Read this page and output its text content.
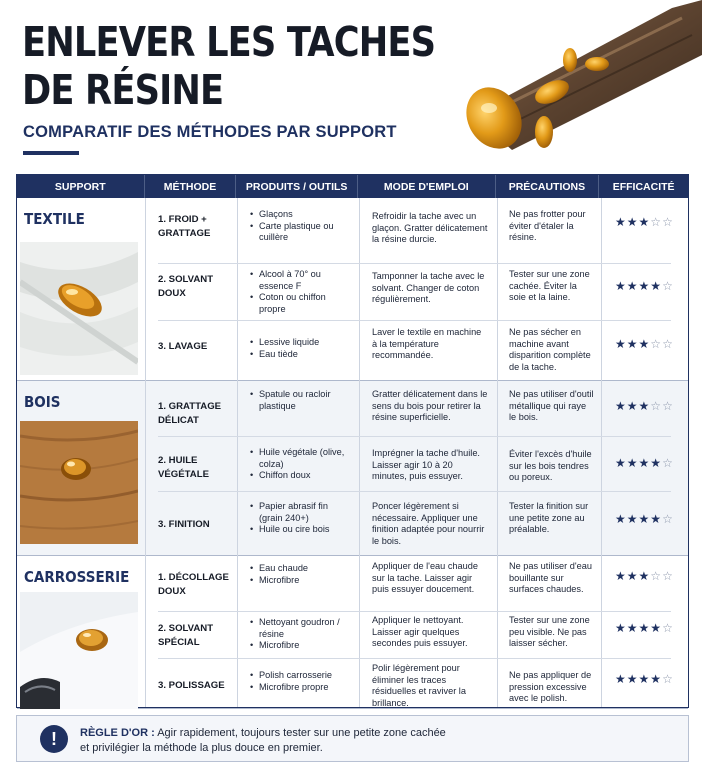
ENLEVER LES TACHES
DE RÉSINE
COMPARATIF DES MÉTHODES PAR SUPPORT
SUPPORT	MÉTHODE	PRODUITS / OUTILS	MODE D'EMPLOI	PRÉCAUTIONS	EFFICACITÉ
TEXTILE
BOIS
CARROSSERIE
1. FROID +
GRATTAGE
• Glaçons
• Carte plastique ou cuillère
Refroidir la tache avec un glaçon. Gratter délicatement la résine durcie.
Ne pas frotter pour éviter d'étaler la résine.
★★★☆☆
2. SOLVANT
DOUX
• Alcool à 70° ou essence F
• Coton ou chiffon propre
Tamponner la tache avec le solvant. Changer de coton régulièrement.
Tester sur une zone cachée. Éviter la soie et la laine.
★★★★☆
3. LAVAGE
•	Lessive liquide
• Eau tiède
Laver le textile en machine à la température recommandée.
Ne pas sécher en machine avant disparition complète de la tache.
★★★☆☆
1. GRATTAGE
DÉLICAT
• Spatule ou racloir plastique
Gratter délicatement dans le sens du bois pour retirer la résine superficielle.
Ne pas utiliser d'outil métallique qui raye le bois.
★★★☆☆
2. HUILE
VÉGÉTALE
• Huile végétale (olive, colza)
• Chiffon doux
Imprégner la tache d'huile. Laisser agir 10 à 20 minutes, puis essuyer.
Éviter l'excès d'huile sur les bois tendres ou poreux.
★★★★☆
3. FINITION
• Papier abrasif fin (grain 240+)
• Huile ou cire bois
Poncer légèrement si nécessaire. Appliquer une finition adaptée pour nourrir le bois.
Tester la finition sur une petite zone au préalable.
★★★★☆
1. DÉCOLLAGE
DOUX
• Eau chaude
• Microfibre
Appliquer de l'eau chaude sur la tache. Laisser agir puis essuyer doucement.
Ne pas utiliser d'eau bouillante sur surfaces chaudes.
★★★☆☆
2. SOLVANT
SPÉCIAL
• Nettoyant goudron / résine
• Microfibre
Appliquer le nettoyant. Laisser agir quelques secondes puis essuyer.
Tester sur une zone peu visible. Ne pas laisser sécher.
★★★★☆
3. POLISSAGE
• Polish carrosserie
• Microfibre propre
Polir légèrement pour éliminer les traces résiduelles et raviver la brillance.
Ne pas appliquer de pression excessive avec le polish.
★★★★☆
!	RÈGLE D'OR : Agir rapidement, toujours tester sur une petite zone cachée
et privilégier la méthode la plus douce en premier.
